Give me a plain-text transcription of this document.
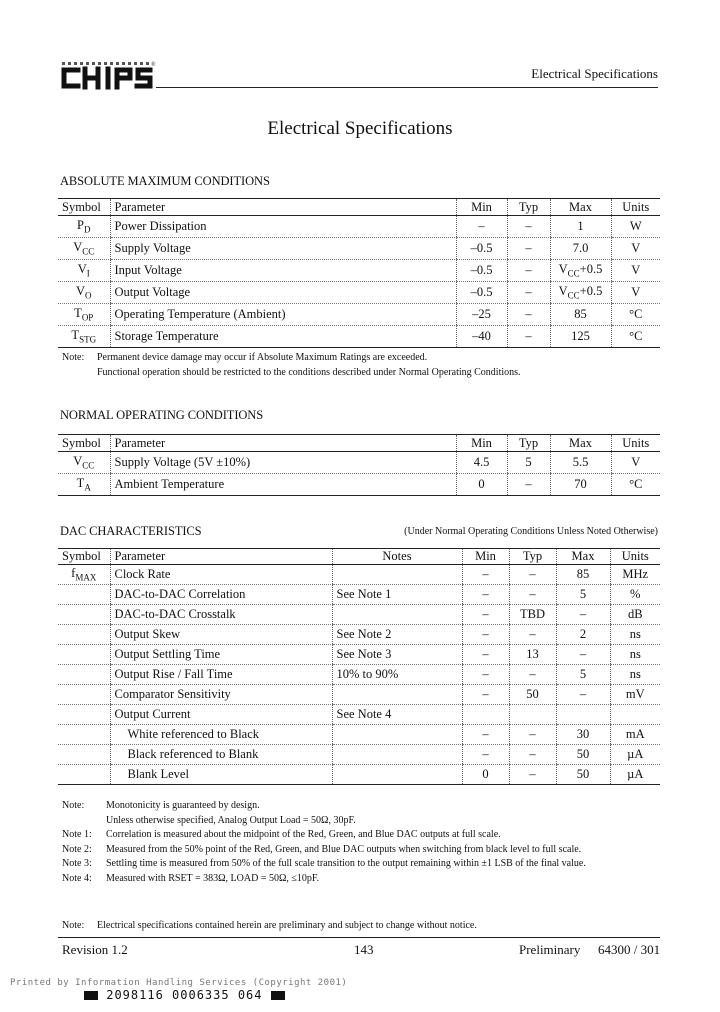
®
Electrical Specifications
Electrical Specifications
ABSOLUTE MAXIMUM CONDITIONS
Symbol	Parameter	Min	Typ	Max	Units
$P_D$	Power Dissipation	–	–	1	W
$V_{CC}$	Supply Voltage	–0.5	–	7.0	V
$V_I$	Input Voltage	–0.5	–	$V_{CC}+0.5$	V
$V_O$	Output Voltage	–0.5	–	$V_{CC}+0.5$	V
$T_{OP}$	Operating Temperature (Ambient)	–25	–	85	°C
$T_{STG}$	Storage Temperature	–40	–	125	°C
Note: Permanent device damage may occur if Absolute Maximum Ratings are exceeded.
Functional operation should be restricted to the conditions described under Normal Operating Conditions.
NORMAL OPERATING CONDITIONS
Symbol	Parameter	Min	Typ	Max	Units
$V_{CC}$	Supply Voltage (5V ±10%)	4.5	5	5.5	V
$T_A$	Ambient Temperature	0	–	70	°C
DAC CHARACTERISTICS	(Under Normal Operating Conditions Unless Noted Otherwise)
Symbol	Parameter	Notes	Min	Typ	Max	Units
$f_{MAX}$	Clock Rate		–	–	85	MHz
	DAC-to-DAC Correlation	See Note 1	–	–	5	%
	DAC-to-DAC Crosstalk		–	TBD	–	dB
	Output Skew	See Note 2	–	–	2	ns
	Output Settling Time	See Note 3	–	13	–	ns
	Output Rise / Fall Time	10% to 90%	–	–	5	ns
	Comparator Sensitivity		–	50	–	mV
	Output Current	See Note 4				
	White referenced to Black		–	–	30	mA
	Black referenced to Blank		–	–	50	µA
	Blank Level		0	–	50	µA
Note: Monotonicity is guaranteed by design.
Unless otherwise specified, Analog Output Load = 50Ω, 30pF.
Note 1: Correlation is measured about the midpoint of the Red, Green, and Blue DAC outputs at full scale.
Note 2: Measured from the 50% point of the Red, Green, and Blue DAC outputs when switching from black level to full scale.
Note 3: Settling time is measured from 50% of the full scale transition to the output remaining within ±1 LSB of the final value.
Note 4: Measured with RSET = 383Ω, LOAD = 50Ω, ≤10pF.
Note: Electrical specifications contained herein are preliminary and subject to change without notice.
Revision 1.2	143	Preliminary 64300 / 301
Printed by Information Handling Services (Copyright 2001)
2098116 0006335 064
